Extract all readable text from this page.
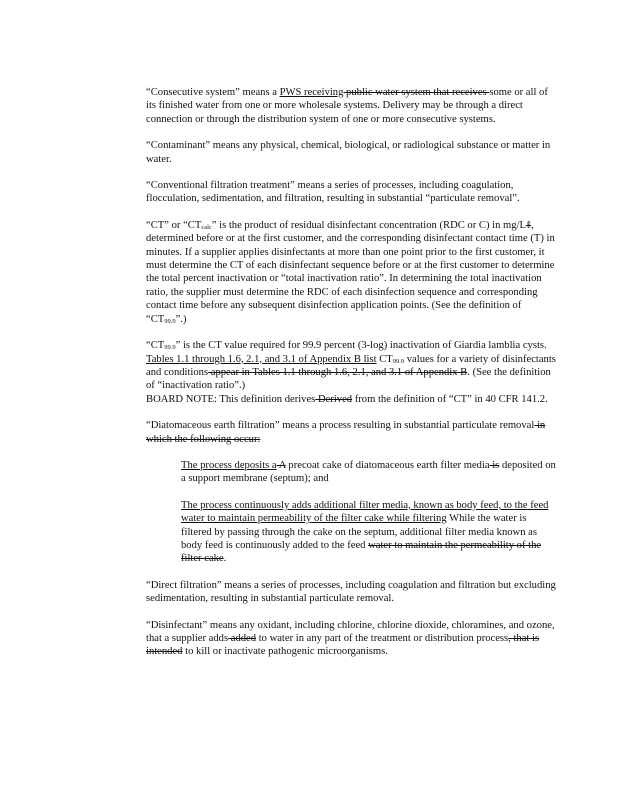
“Consecutive system” means a PWS receiving public water system that receives some or all of its finished water from one or more wholesale systems. Delivery may be through a direct connection or through the distribution system of one or more consecutive systems.

“Contaminant” means any physical, chemical, biological, or radiological substance or matter in water.

“Conventional filtration treatment” means a series of processes, including coagulation, flocculation, sedimentation, and filtration, resulting in substantial “particulate removal”.

“CT” or “$CT_{calc}$” is the product of residual disinfectant concentration (RDC or C) in mg/Lℓ, determined before or at the first customer, and the corresponding disinfectant contact time (T) in minutes. If a supplier applies disinfectants at more than one point prior to the first customer, it must determine the CT of each disinfectant sequence before or at the first customer to determine the total percent inactivation or “total inactivation ratio”. In determining the total inactivation ratio, the supplier must determine the RDC of each disinfection sequence and corresponding contact time before any subsequent disinfection application points. (See the definition of “$CT_{99.9}$”.)

“$CT_{99.9}$” is the CT value required for 99.9 percent (3-log) inactivation of Giardia lamblia cysts. Tables 1.1 through 1.6, 2.1, and 3.1 of Appendix B list $CT_{99.9}$ values for a variety of disinfectants and conditions appear in Tables 1.1 through 1.6, 2.1, and 3.1 of Appendix B. (See the definition of “inactivation ratio”.)
BOARD NOTE: This definition derives Derived from the definition of “CT” in 40 CFR 141.2.

“Diatomaceous earth filtration” means a process resulting in substantial particulate removal in which the following occur:

The process deposits a A precoat cake of diatomaceous earth filter media is deposited on a support membrane (septum); and

The process continuously adds additional filter media, known as body feed, to the feed water to maintain permeability of the filter cake while filtering While the water is filtered by passing through the cake on the septum, additional filter media known as body feed is continuously added to the feed water to maintain the permeability of the filter cake.

“Direct filtration” means a series of processes, including coagulation and filtration but excluding sedimentation, resulting in substantial particulate removal.

“Disinfectant” means any oxidant, including chlorine, chlorine dioxide, chloramines, and ozone, that a supplier adds added to water in any part of the treatment or distribution process, that is intended to kill or inactivate pathogenic microorganisms.
